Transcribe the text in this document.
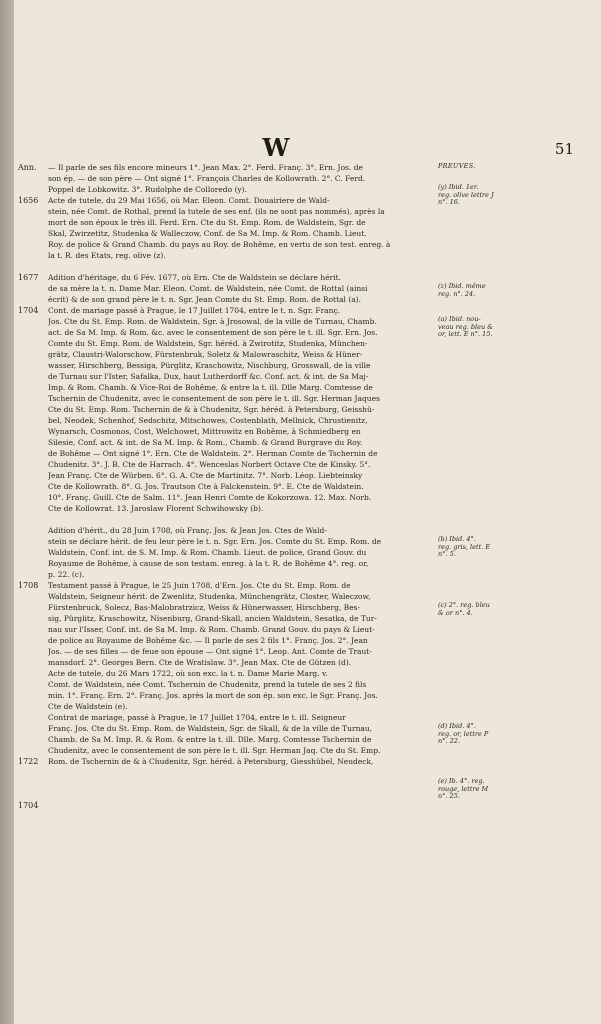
W	51
PREUVES.
Ann.
1656
1677
1704
1708
1722
1704
— Il parle de ses fils encore mineurs 1°. Jean Max. 2°. Ferd. Franç. 3°. Ern. Jos. de
son ép. — de son père — Ont signé 1°. François Charles de Kollowrath. 2°. C. Ferd.
Poppel de Lobkowitz. 3°. Rudolphe de Colloredo (y).
Acte de tutele, du 29 Mai 1656, où Mar. Eleon. Comt. Douairiere de Wald-
stein, née Comt. de Rothal, prend la tutele de ses enf. (ils ne sont pas nommés), après la
mort de son époux le très ill. Ferd. Ern. Cte du St. Emp. Rom. de Waldstein, Sgr. de
Skal, Zwirzetitz, Studenka & Walleczow, Conf. de Sa M. Imp. & Rom. Chamb. Lieut.
Roy. de police & Grand Chamb. du pays au Roy. de Bohême, en vertu de son test. enreg. à
la t. R. des Etats, reg. olive (z).
Adition d'héritage, du 6 Fév. 1677, où Ern. Cte de Waldstein se déclare hérit.
de sa mère la t. n. Dame Mar. Eleon. Comt. de Waldstein, née Comt. de Rottal (ainsi
écrit) & de son grand père le t. n. Sgr. Jean Comte du St. Emp. Rom. de Rottal (a).
Cont. de mariage passé à Prague, le 17 Juillet 1704, entre le t. n. Sgr. Franç.
Jos. Cte du St. Emp. Rom. de Waldstein, Sgr. à Jrosowal, de la ville de Turnau, Chamb.
act. de Sa M. Imp. & Rom. &c. avec le consentement de son père le t. ill. Sgr. Ern. Jos.
Comte du St. Emp. Rom. de Waldstein, Sgr. héréd. à Zwirotitz, Studenka, München-
grätz, Claustri-Walorschow, Fürstenbruk, Soletz & Malowraschitz, Weiss & Hüner-
wasser, Hirschberg, Bessiga, Pürglitz, Kraschowitz, Nischburg, Grosswall, de la ville
de Turnau sur l'Ister, Safalka, Dux, haut Lutherdorff &c. Conf. act. & int. de Sa Maj-
Imp. & Rom. Chamb. & Vice-Roi de Bohême, & entre la t. ill. Dlle Marg. Comtesse de
Tschernin de Chudenitz, avec le consentement de son père le t. ill. Sgr. Herman Jaques
Cte du St. Emp. Rom. Tschernin de & à Chudenitz, Sgr. héréd. à Petersburg, Geisshü-
bel, Neodek, Schenhof, Sedschitz, Mitschowes, Costenblath, Mellnick, Chrustienitz,
Wynarsch, Cosmonos, Cost, Welchowet, Mittrowitz en Bohême, à Schmiedberg en
Silesie, Conf. act. & int. de Sa M. Imp. & Rom., Chamb. & Grand Burgrave du Roy.
de Bohême — Ont signé 1°. Ern. Cte de Waldstein. 2°. Herman Comte de Tschernin de
Chudenitz. 3°. J. B. Cte de Harrach. 4°. Wenceslas Norbert Octave Cte de Kinsky. 5°.
Jean Franç. Cte de Würben. 6°. G. A. Cte de Martinitz. 7°. Norb. Léop. Liebteinsky
Cte de Kollowrath. 8°. G. Jos. Trautson Cte à Falckenstein. 9°. E. Cte de Waldstein.
10°. Franç. Guill. Cte de Salm. 11°. Jean Henri Comte de Kokorzowa. 12. Max. Norb.
Cte de Kollowrat. 13. Jaroslaw Florent Schwihowsky (b).
Adition d'hérit., du 28 Juin 1708, où Franç. Jos. & Jean Jos. Ctes de Wald-
stein se déclare hérit. de feu leur père le t. n. Sgr. Ern. Jos. Comte du St. Emp. Rom. de
Waldstein, Conf. int. de S. M. Imp. & Rom. Chamb. Lieut. de police, Grand Gouv. du
Royaume de Bohême, à cause de son testam. enreg. à la t. R. de Bohême 4°. reg. or,
p. 22. (c).
Testament passé à Prague, le 25 Juin 1708, d'Ern. Jos. Cte du St. Emp. Rom. de
Waldstein, Seigneur hérit. de Zwenlitz, Studenka, Münchengrätz, Closter, Waleczow,
Fürstenbruck, Solecz, Bas-Malobratrzicz, Weiss & Hünerwasser, Hirschberg, Bes-
sig, Pürglitz, Kraschowitz, Nisenburg, Grand-Skall, ancien Waldstein, Sesatka, de Tur-
nau sur l'Isser, Conf. int. de Sa M. Imp. & Rom. Chamb. Grand Gouv. du pays & Lieut-
de police au Royaume de Bohême &c. — Il parle de ses 2 fils 1°. Franç. Jos. 2°. Jean
Jos. — de ses filles — de feue son épouse — Ont signé 1°. Leop. Ant. Comte de Traut-
mansdorf. 2°. Georges Bern. Cte de Wratislaw. 3°. Jean Max. Cte de Gützen (d).
Acte de tutele, du 26 Mars 1722, où son exc. la t. n. Dame Marie Marg. v.
Comt. de Waldstein, née Comt. Tschernin de Chudenitz, prend la tutele de ses 2 fils
min. 1°. Franç. Ern. 2°. Franç. Jos. après la mort de son ép. son exc. le Sgr. Franç. Jos.
Cte de Waldstein (e).
Contrat de mariage, passé à Prague, le 17 Juillet 1704, entre le t. ill. Seigneur
Franç. Jos. Cte du St. Emp. Rom. de Waldstein, Sgr. de Skall, & de la ville de Turnau,
Chamb. de Sa M. Imp. R. & Rom. & entre la t. ill. Dlle. Marg. Comtesse Tschernin de
Chudenitz, avec le consentement de son père le t. ill. Sgr. Herman Jaq. Cte du St. Emp.
Rom. de Tschernin de & à Chudenitz, Sgr. héréd. à Petersburg, Giesshübel, Neudeck,
(y) Ibid. 1er.
reg. olive lettre J
n°. 16.
(z) Ibid. même
reg. n°. 24.
(a) Ibid. nou-
veau reg. bleu &
or, lett. E n°. 15.
(b) Ibid. 4°.
reg. gris, lett. E
n°. 5.
(c) 2°. reg. bleu
& or n°. 4.
(d) Ibid. 4°.
reg. or, lettre P
n°. 22.
(e) Ib. 4°. reg.
rouge, lettre M
n°. 25.
